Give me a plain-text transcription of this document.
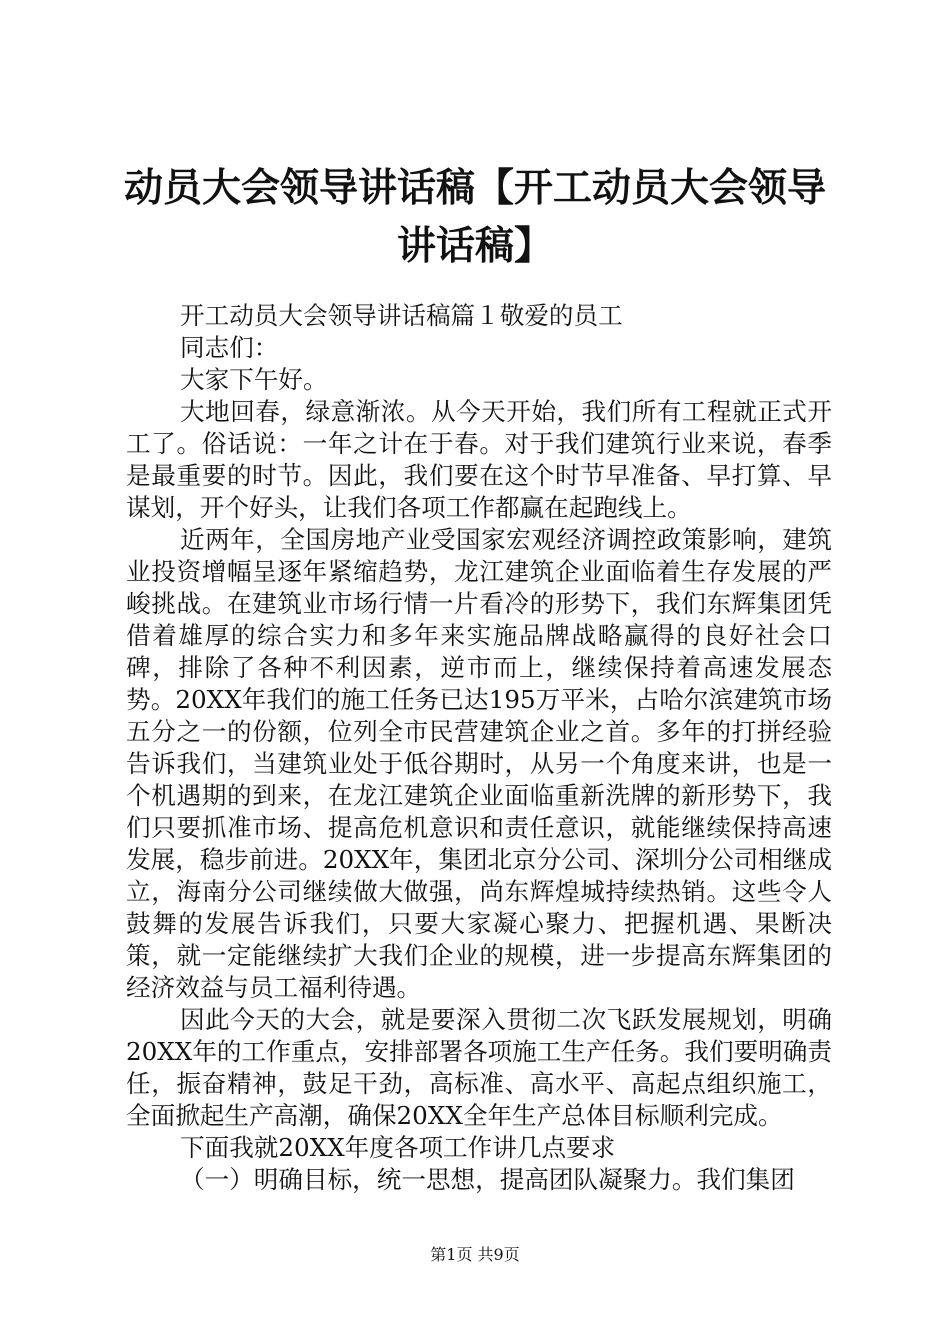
动员大会领导讲话稿【开工动员大会领导讲话稿】

开工动员大会领导讲话稿篇１敬爱的员工

同志们：

大家下午好。

大地回春，绿意渐浓。从今天开始，我们所有工程就正式开工了。俗话说：一年之计在于春。对于我们建筑行业来说，春季是最重要的时节。因此，我们要在这个时节早准备、早打算、早谋划，开个好头，让我们各项工作都赢在起跑线上。

近两年，全国房地产业受国家宏观经济调控政策影响，建筑业投资增幅呈逐年紧缩趋势，龙江建筑企业面临着生存发展的严峻挑战。在建筑业市场行情一片看冷的形势下，我们东辉集团凭借着雄厚的综合实力和多年来实施品牌战略赢得的良好社会口碑，排除了各种不利因素，逆市而上，继续保持着高速发展态势。20XX年我们的施工任务已达195万平米，占哈尔滨建筑市场五分之一的份额，位列全市民营建筑企业之首。多年的打拼经验告诉我们，当建筑业处于低谷期时，从另一个角度来讲，也是一个机遇期的到来，在龙江建筑企业面临重新洗牌的新形势下，我们只要抓准市场、提高危机意识和责任意识，就能继续保持高速发展，稳步前进。20XX年，集团北京分公司、深圳分公司相继成立，海南分公司继续做大做强，尚东辉煌城持续热销。这些令人鼓舞的发展告诉我们，只要大家凝心聚力、把握机遇、果断决策，就一定能继续扩大我们企业的规模，进一步提高东辉集团的经济效益与员工福利待遇。

因此今天的大会，就是要深入贯彻二次飞跃发展规划，明确20XX年的工作重点，安排部署各项施工生产任务。我们要明确责任，振奋精神，鼓足干劲，高标准、高水平、高起点组织施工，全面掀起生产高潮，确保20XX全年生产总体目标顺利完成。

下面我就20XX年度各项工作讲几点要求

（一）明确目标，统一思想，提高团队凝聚力。我们集团

第1页 共9页
